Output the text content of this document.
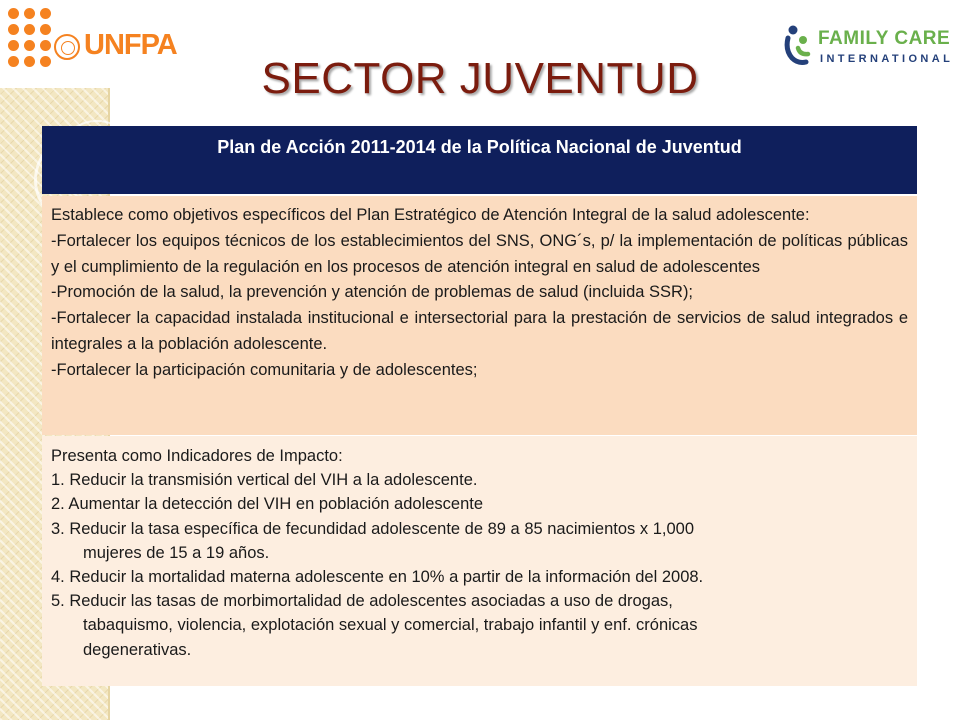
UNFPA	FAMILY CARE
INTERNATIONAL
SECTOR JUVENTUD
Plan de Acción 2011-2014 de la Política Nacional de Juventud

Establece como objetivos específicos del Plan Estratégico de Atención Integral de la salud adolescente:

-Fortalecer los equipos técnicos de los establecimientos del SNS, ONG´s, p/ la implementación de políticas públicas y el cumplimiento de la regulación en los procesos de atención integral en salud de adolescentes

-Promoción de la salud, la prevención y atención de problemas de salud (incluida SSR);

-Fortalecer la capacidad instalada institucional e intersectorial para la prestación de servicios de salud integrados e integrales a la población adolescente.

-Fortalecer la participación comunitaria y de adolescentes;

Presenta como Indicadores de Impacto:

1. Reducir la transmisión vertical del VIH a la adolescente.

2. Aumentar la detección del VIH en población adolescente

3. Reducir la tasa específica de fecundidad adolescente de 89 a 85 nacimientos x 1,000

mujeres de 15 a 19 años.

4. Reducir la mortalidad materna adolescente en 10% a partir de la información del 2008.

5. Reducir las tasas de morbimortalidad de adolescentes asociadas a uso de drogas,

tabaquismo, violencia, explotación sexual y comercial, trabajo infantil y enf. crónicas

degenerativas.
